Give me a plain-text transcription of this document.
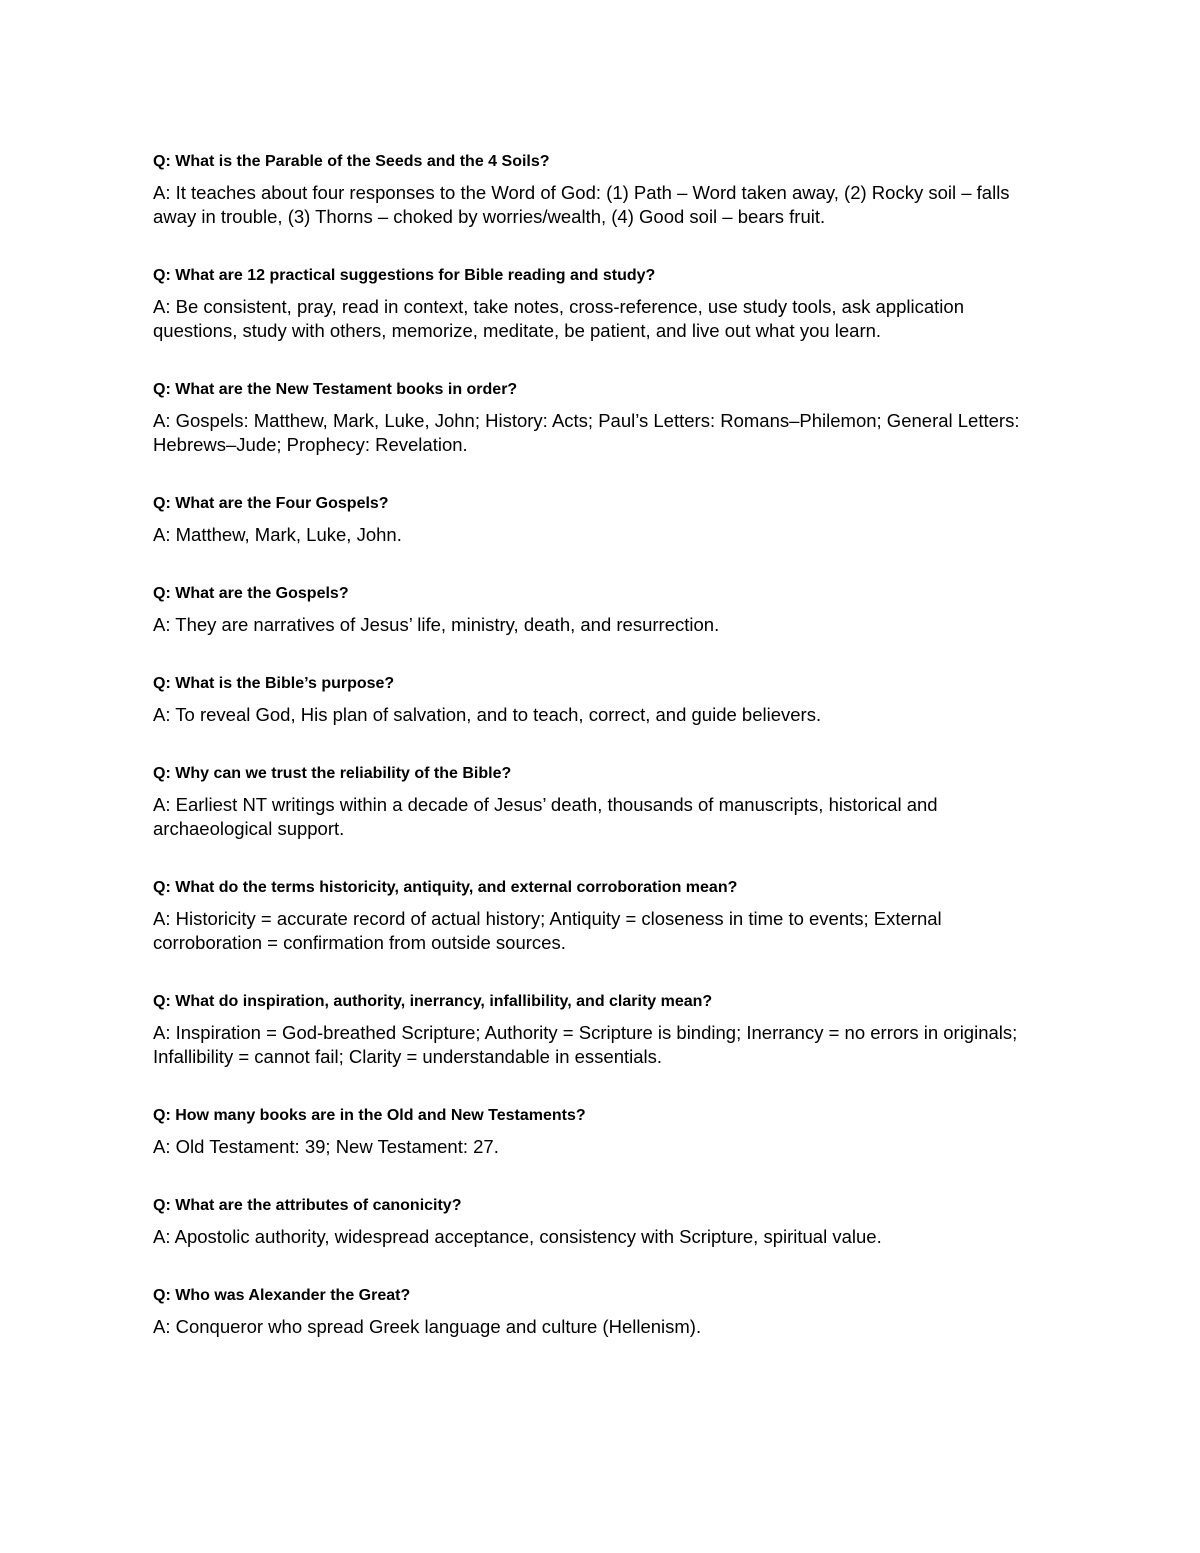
Q: What is the Parable of the Seeds and the 4 Soils?

A: It teaches about four responses to the Word of God: (1) Path – Word taken away, (2) Rocky soil – falls away in trouble, (3) Thorns – choked by worries/wealth, (4) Good soil – bears fruit.

Q: What are 12 practical suggestions for Bible reading and study?

A: Be consistent, pray, read in context, take notes, cross-reference, use study tools, ask application questions, study with others, memorize, meditate, be patient, and live out what you learn.

Q: What are the New Testament books in order?

A: Gospels: Matthew, Mark, Luke, John; History: Acts; Paul’s Letters: Romans–Philemon; General Letters: Hebrews–Jude; Prophecy: Revelation.

Q: What are the Four Gospels?

A: Matthew, Mark, Luke, John.

Q: What are the Gospels?

A: They are narratives of Jesus’ life, ministry, death, and resurrection.

Q: What is the Bible’s purpose?

A: To reveal God, His plan of salvation, and to teach, correct, and guide believers.

Q: Why can we trust the reliability of the Bible?

A: Earliest NT writings within a decade of Jesus’ death, thousands of manuscripts, historical and archaeological support.

Q: What do the terms historicity, antiquity, and external corroboration mean?

A: Historicity = accurate record of actual history; Antiquity = closeness in time to events; External corroboration = confirmation from outside sources.

Q: What do inspiration, authority, inerrancy, infallibility, and clarity mean?

A: Inspiration = God-breathed Scripture; Authority = Scripture is binding; Inerrancy = no errors in originals; Infallibility = cannot fail; Clarity = understandable in essentials.

Q: How many books are in the Old and New Testaments?

A: Old Testament: 39; New Testament: 27.

Q: What are the attributes of canonicity?

A: Apostolic authority, widespread acceptance, consistency with Scripture, spiritual value.

Q: Who was Alexander the Great?

A: Conqueror who spread Greek language and culture (Hellenism).
